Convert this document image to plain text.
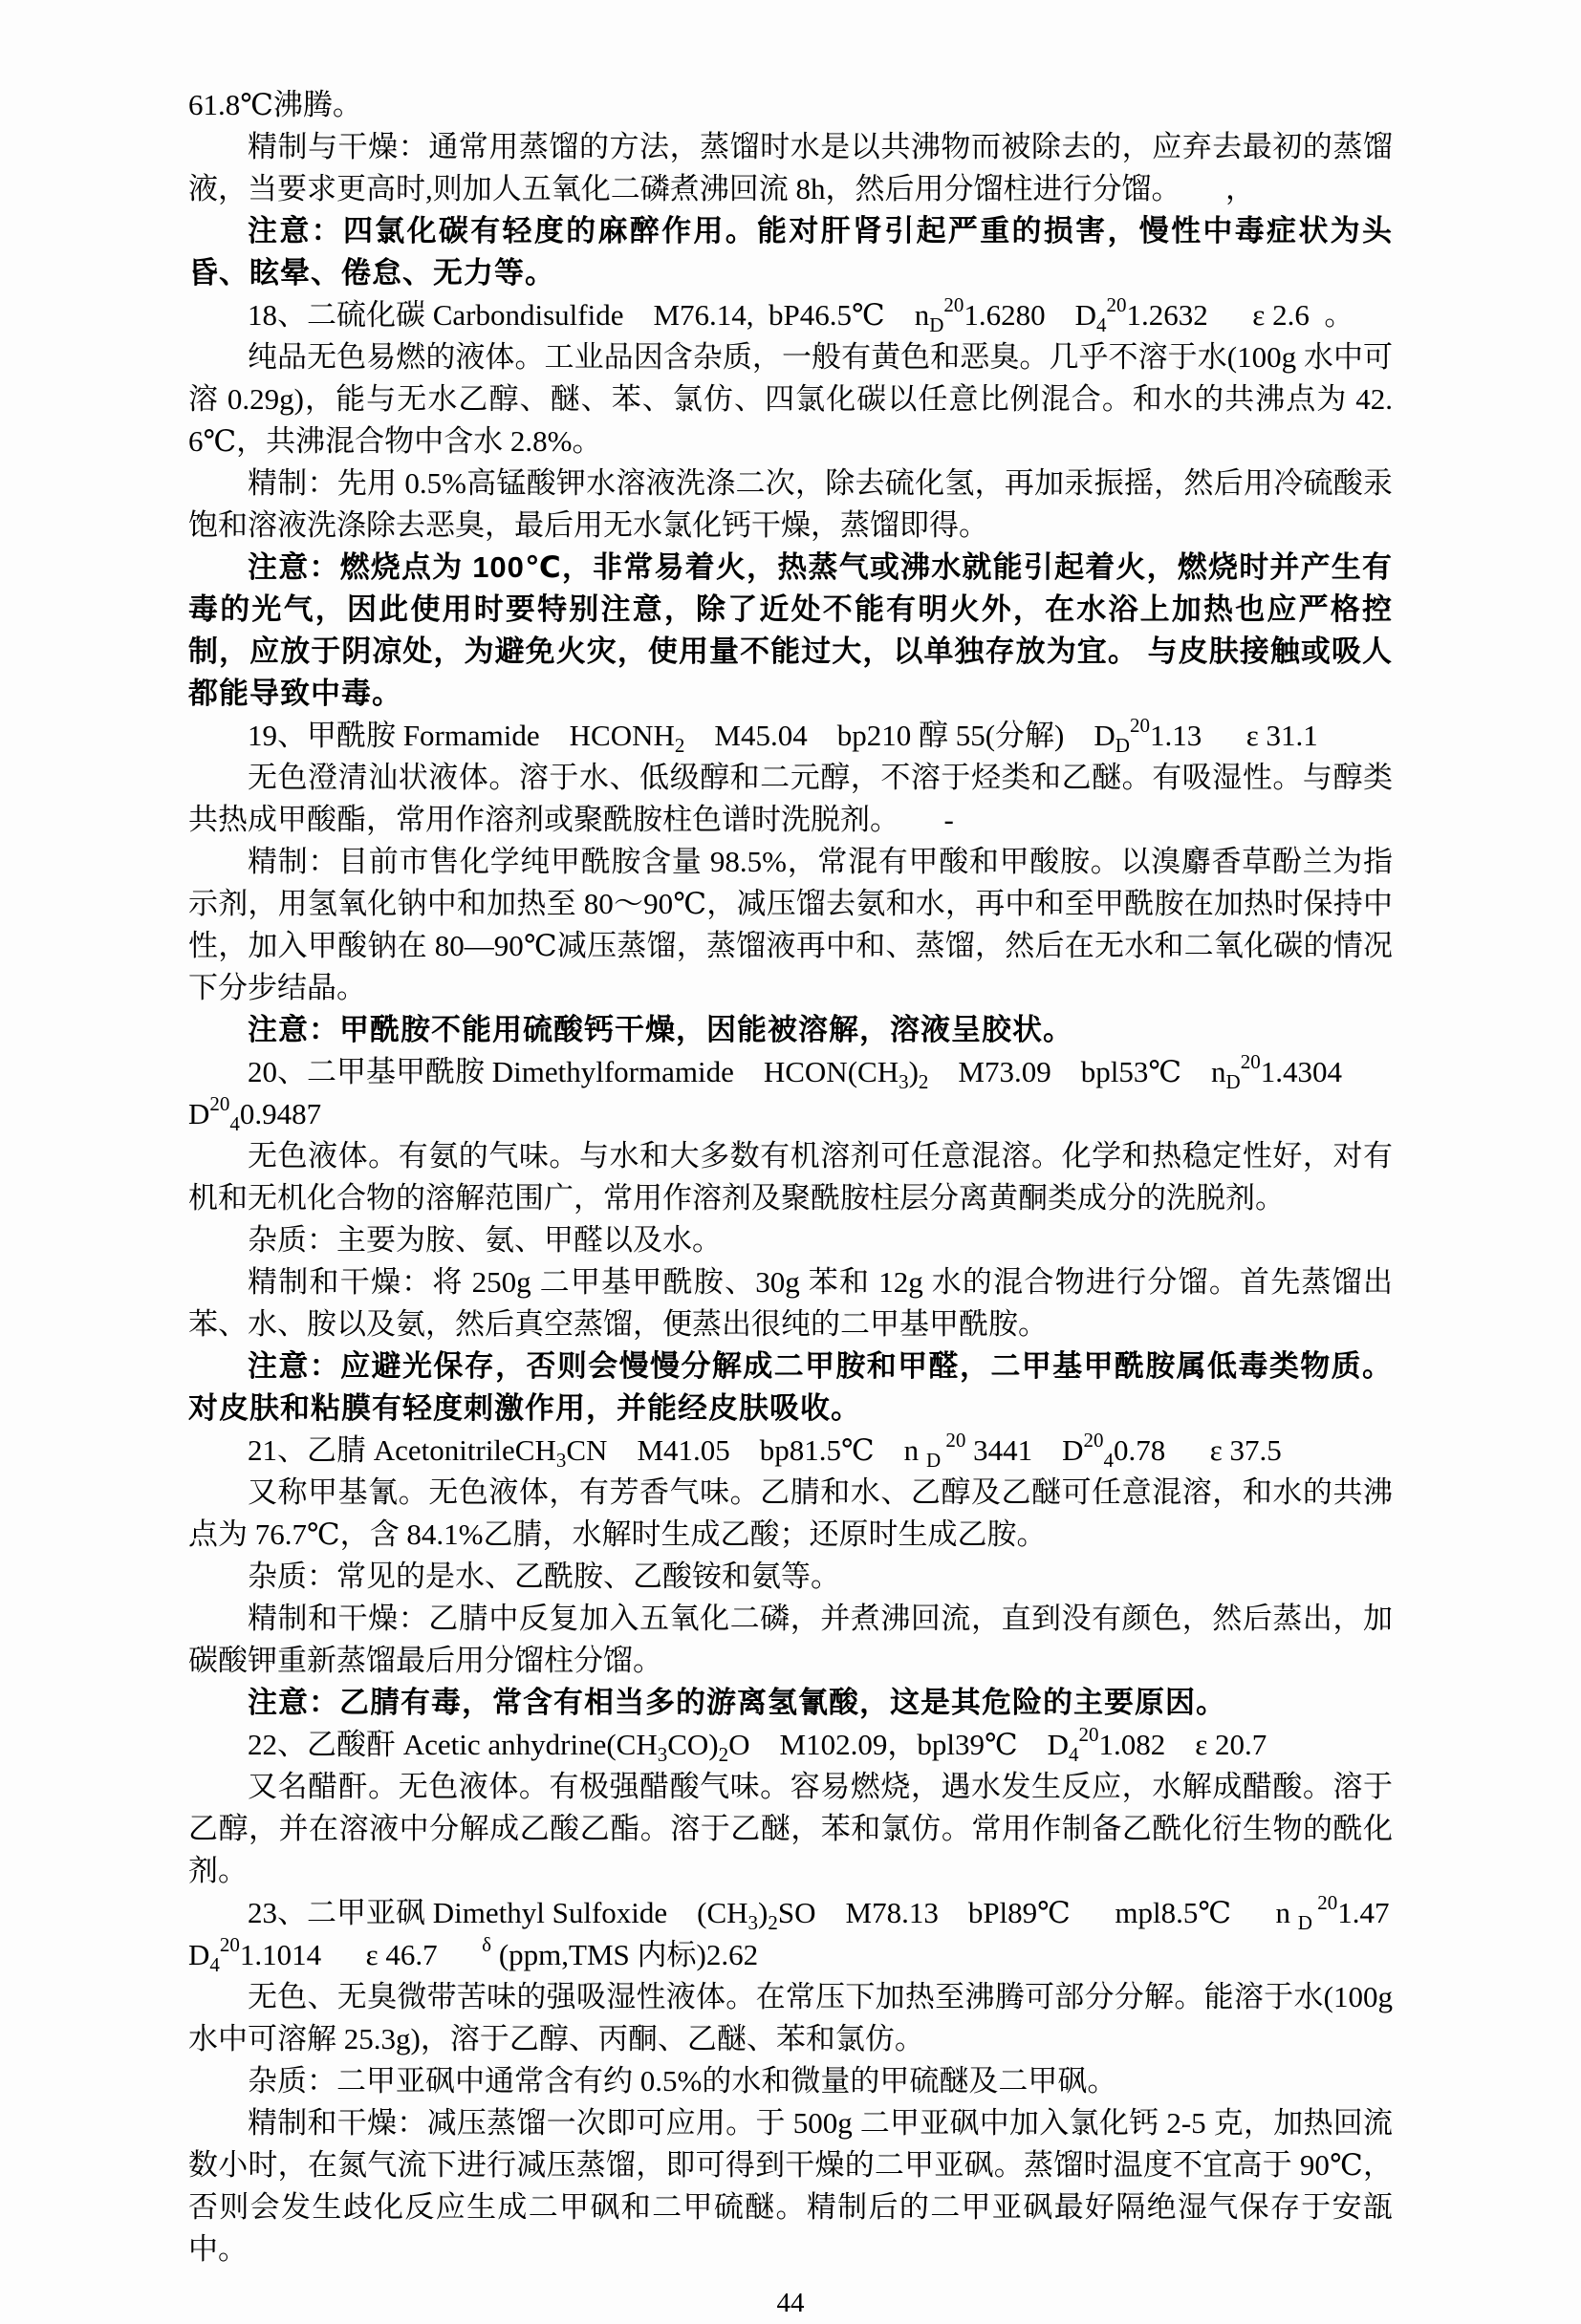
61.8℃沸腾。

精制与干燥：通常用蒸馏的方法，蒸馏时水是以共沸物而被除去的，应弃去最初的蒸馏液，当要求更高时,则加人五氧化二磷煮沸回流 8h，然后用分馏柱进行分馏。　　，

注意：四氯化碳有轻度的麻醉作用。能对肝肾引起严重的损害，慢性中毒症状为头昏、眩晕、倦怠、无力等。

18、二硫化碳 Carbondisulfide  M76.14, bP46.5℃  $n_D^{20}1.6280$  $D_4^{20}1.2632$   ε 2.6 。

纯品无色易燃的液体。工业品因含杂质，一般有黄色和恶臭。几乎不溶于水(100g 水中可溶 0.29g)，能与无水乙醇、醚、苯、氯仿、四氯化碳以任意比例混合。和水的共沸点为 42.6℃，共沸混合物中含水 2.8%。

精制：先用 0.5%高锰酸钾水溶液洗涤二次，除去硫化氢，再加汞振摇，然后用冷硫酸汞饱和溶液洗涤除去恶臭，最后用无水氯化钙干燥，蒸馏即得。

注意：燃烧点为 100℃，非常易着火，热蒸气或沸水就能引起着火，燃烧时并产生有毒的光气，因此使用时要特别注意，除了近处不能有明火外，在水浴上加热也应严格控制，应放于阴凉处，为避免火灾，使用量不能过大，以单独存放为宜。 与皮肤接触或吸人都能导致中毒。

19、甲酰胺 Formamide  $HCONH_2$  M45.04  bp210 醇 55(分解)  $D_D^{20}1.13$   ε 31.1

无色澄清汕状液体。溶于水、低级醇和二元醇，不溶于烃类和乙醚。有吸湿性。与醇类共热成甲酸酯，常用作溶剂或聚酰胺柱色谱时洗脱剂。　　-

精制：目前市售化学纯甲酰胺含量 98.5%，常混有甲酸和甲酸胺。以溴麝香草酚兰为指示剂，用氢氧化钠中和加热至 80～90℃，减压馏去氨和水，再中和至甲酰胺在加热时保持中性，加入甲酸钠在 80—90℃减压蒸馏，蒸馏液再中和、蒸馏，然后在无水和二氧化碳的情况下分步结晶。

注意：甲酰胺不能用硫酸钙干燥，因能被溶解，溶液呈胶状。

20、二甲基甲酰胺 Dimethylformamide  $HCON(CH_3)_2$  M73.09  bpl53℃  $n_D^{20}1.4304$

$D^{20}_40.9487$

无色液体。有氨的气味。与水和大多数有机溶剂可任意混溶。化学和热稳定性好，对有机和无机化合物的溶解范围广，常用作溶剂及聚酰胺柱层分离黄酮类成分的洗脱剂。

杂质：主要为胺、氨、甲醛以及水。

精制和干燥：将 250g 二甲基甲酰胺、30g 苯和 12g 水的混合物进行分馏。首先蒸馏出苯、水、胺以及氨，然后真空蒸馏，便蒸出很纯的二甲基甲酰胺。

注意：应避光保存，否则会慢慢分解成二甲胺和甲醛，二甲基甲酰胺属低毒类物质。对皮肤和粘膜有轻度刺激作用，并能经皮肤吸收。

21、乙腈 AcetonitrileCH$_3$CN  M41.05  bp81.5℃  n $_D$ $^{20}$ 3441  $D^{20}_40.78$   ε 37.5

又称甲基氰。无色液体，有芳香气味。乙腈和水、乙醇及乙醚可任意混溶，和水的共沸点为 76.7℃，含 84.1%乙腈，水解时生成乙酸；还原时生成乙胺。

杂质：常见的是水、乙酰胺、乙酸铵和氨等。

精制和干燥：乙腈中反复加入五氧化二磷，并煮沸回流，直到没有颜色，然后蒸出，加碳酸钾重新蒸馏最后用分馏柱分馏。

注意：乙腈有毒，常含有相当多的游离氢氰酸，这是其危险的主要原因。

22、乙酸酐 Acetic $anhydrine(CH_3CO)_2O$  M102.09，bpl39℃  $D_4^{20}1.082$  ε 20.7

又名醋酐。无色液体。有极强醋酸气味。容易燃烧，遇水发生反应，水解成醋酸。溶于乙醇，并在溶液中分解成乙酸乙酯。溶于乙醚，苯和氯仿。常用作制备乙酰化衍生物的酰化剂。

23、二甲亚砜 Dimethyl Sulfoxide  $(CH_3)_2SO$  M78.13  bPl89℃   mpl8.5℃   n $_D$ $^{20}$1.47

$D_4^{20}1.1014$   ε 46.7   $^\delta$ (ppm,TMS 内标)2.62

无色、无臭微带苦味的强吸湿性液体。在常压下加热至沸腾可部分分解。能溶于水(100g 水中可溶解 25.3g)，溶于乙醇、丙酮、乙醚、苯和氯仿。

杂质：二甲亚砜中通常含有约 0.5%的水和微量的甲硫醚及二甲砜。

精制和干燥：减压蒸馏一次即可应用。于 500g 二甲亚砜中加入氯化钙 2-5 克，加热回流数小时，在氮气流下进行减压蒸馏，即可得到干燥的二甲亚砜。蒸馏时温度不宜高于 90℃，否则会发生歧化反应生成二甲砜和二甲硫醚。精制后的二甲亚砜最好隔绝湿气保存于安瓿中。

44
